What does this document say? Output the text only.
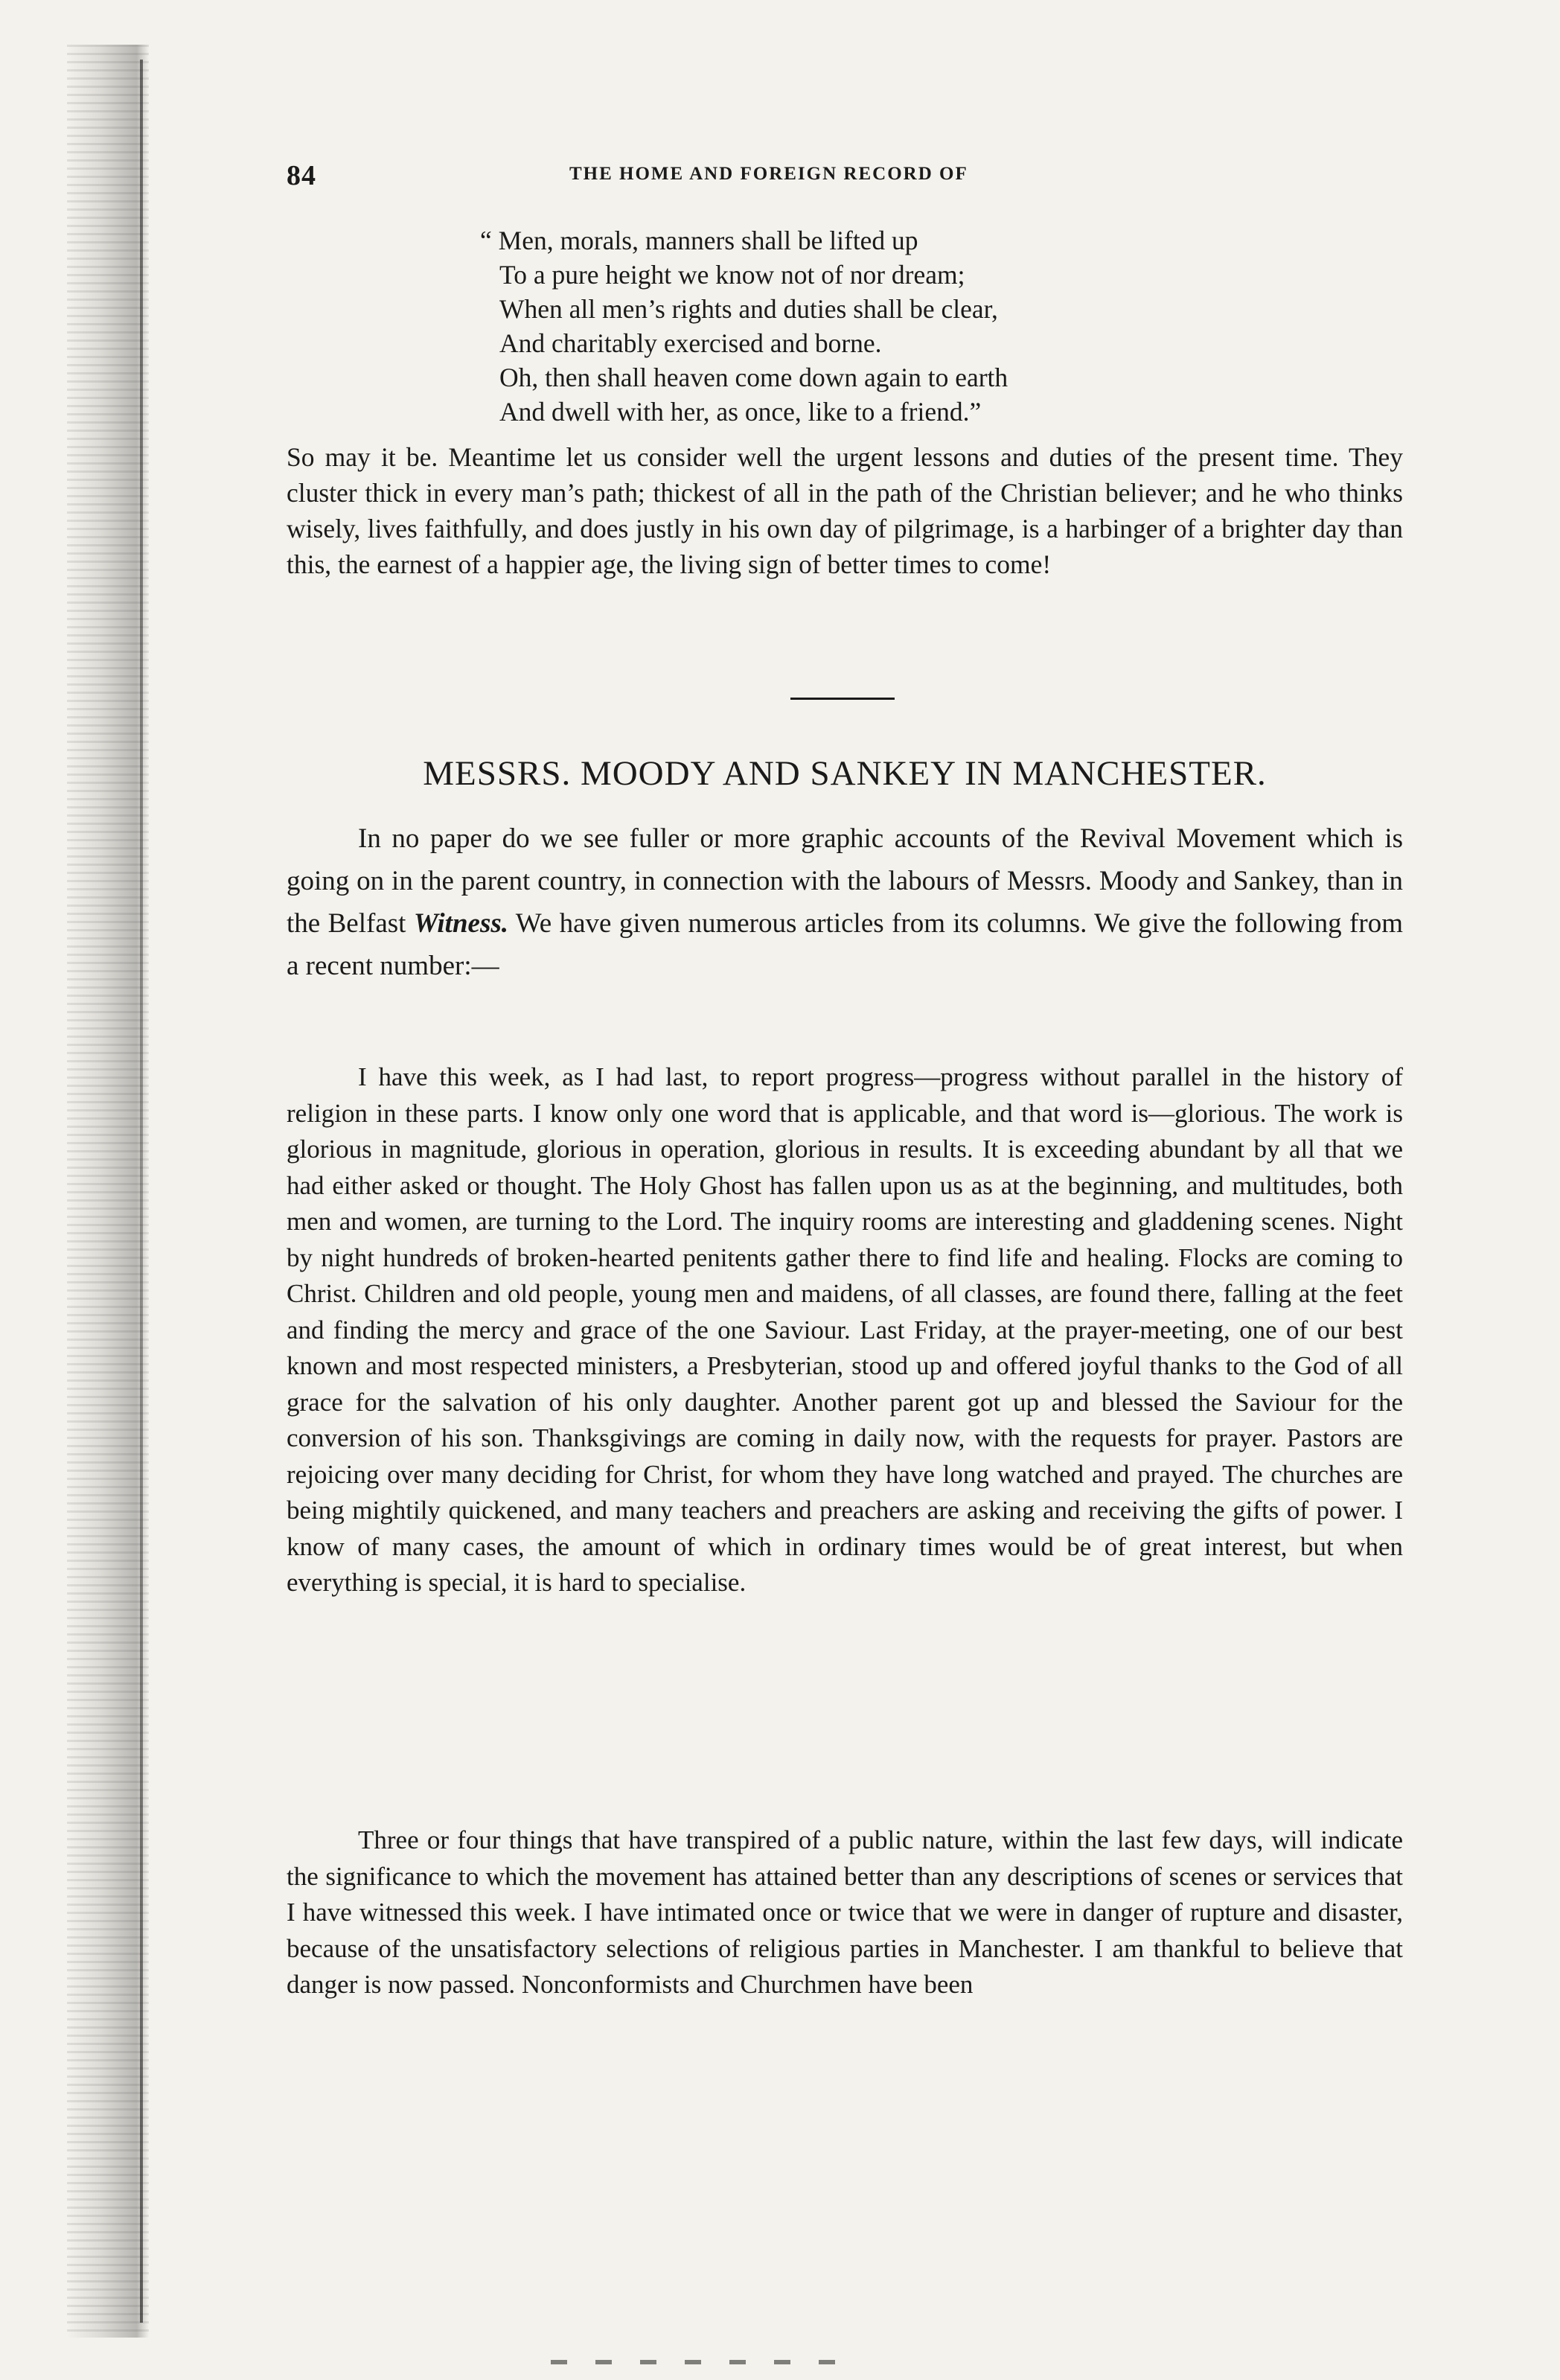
84	THE HOME AND FOREIGN RECORD OF
“ Men, morals, manners shall be lifted up
To a pure height we know not of nor dream;
When all men’s rights and duties shall be clear,
And charitably exercised and borne.
Oh, then shall heaven come down again to earth
And dwell with her, as once, like to a friend.”

So may it be. Meantime let us consider well the urgent lessons and duties of the present time. They cluster thick in every man’s path; thickest of all in the path of the Christian believer; and he who thinks wisely, lives faithfully, and does justly in his own day of pilgrimage, is a harbinger of a brighter day than this, the earnest of a happier age, the living sign of better times to come!

MESSRS. MOODY AND SANKEY IN MANCHESTER.

In no paper do we see fuller or more graphic accounts of the Revival Movement which is going on in the parent country, in connection with the labours of Messrs. Moody and Sankey, than in the Belfast Witness. We have given numerous articles from its columns. We give the following from a recent number:—

I have this week, as I had last, to report progress—progress without parallel in the history of religion in these parts. I know only one word that is applicable, and that word is—glorious. The work is glorious in magnitude, glorious in operation, glorious in results. It is exceeding abundant by all that we had either asked or thought. The Holy Ghost has fallen upon us as at the beginning, and multitudes, both men and women, are turning to the Lord. The inquiry rooms are interesting and gladdening scenes. Night by night hundreds of broken-hearted penitents gather there to find life and healing. Flocks are coming to Christ. Children and old people, young men and maidens, of all classes, are found there, falling at the feet and finding the mercy and grace of the one Saviour. Last Friday, at the prayer-meeting, one of our best known and most respected ministers, a Presbyterian, stood up and offered joyful thanks to the God of all grace for the salvation of his only daughter. Another parent got up and blessed the Saviour for the conversion of his son. Thanksgivings are coming in daily now, with the requests for prayer. Pastors are rejoicing over many deciding for Christ, for whom they have long watched and prayed. The churches are being mightily quickened, and many teachers and preachers are asking and receiving the gifts of power. I know of many cases, the amount of which in ordinary times would be of great interest, but when everything is special, it is hard to specialise.

Three or four things that have transpired of a public nature, within the last few days, will indicate the significance to which the movement has attained better than any descriptions of scenes or services that I have witnessed this week. I have intimated once or twice that we were in danger of rupture and disaster, because of the unsatisfactory selections of religious parties in Manchester. I am thankful to believe that danger is now passed. Nonconformists and Churchmen have been
